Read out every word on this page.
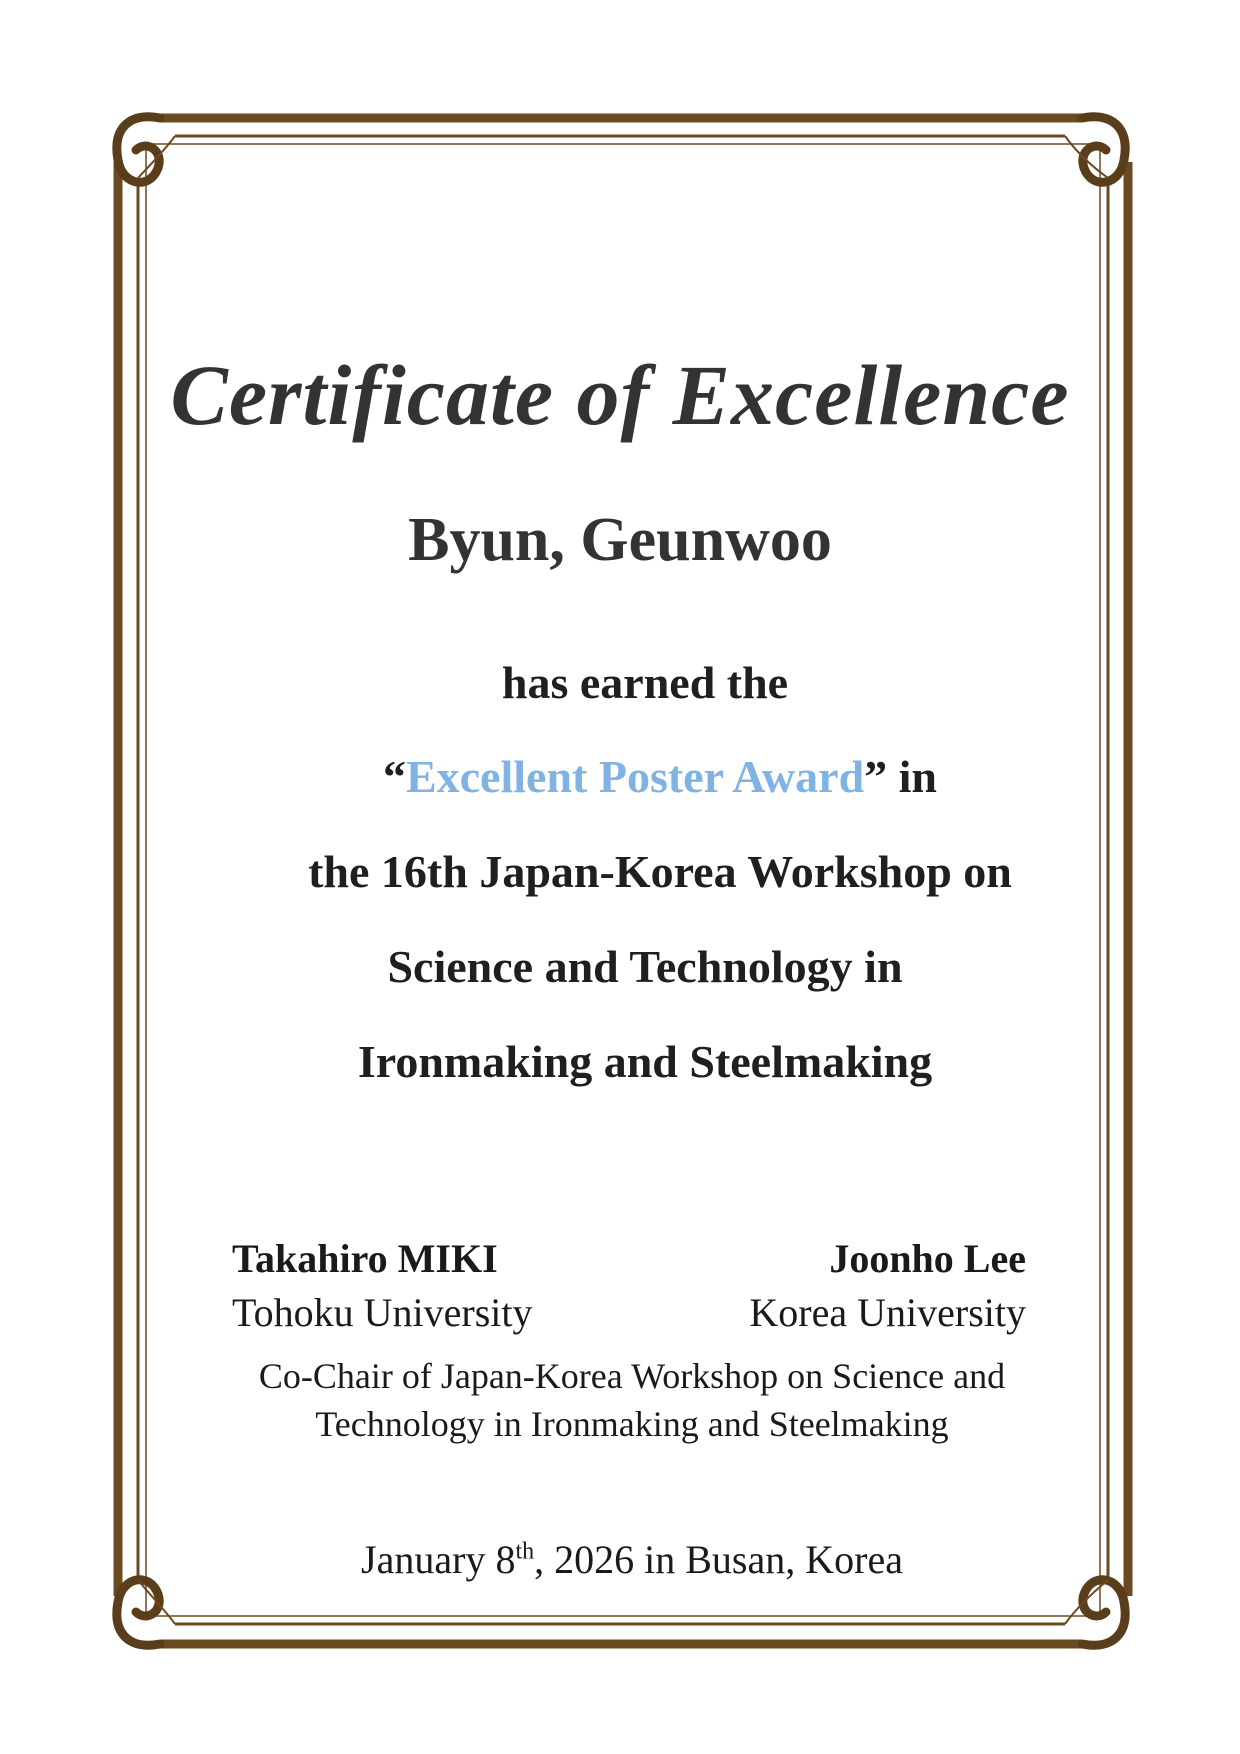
Certificate of Excellence
Byun, Geunwoo
has earned the
“Excellent Poster Award” in
the 16th Japan-Korea Workshop on
Science and Technology in
Ironmaking and Steelmaking
Takahiro MIKI
Tohoku University
Joonho Lee
Korea University
Co-Chair of Japan-Korea Workshop on Science and
Technology in Ironmaking and Steelmaking
January 8th, 2026 in Busan, Korea
